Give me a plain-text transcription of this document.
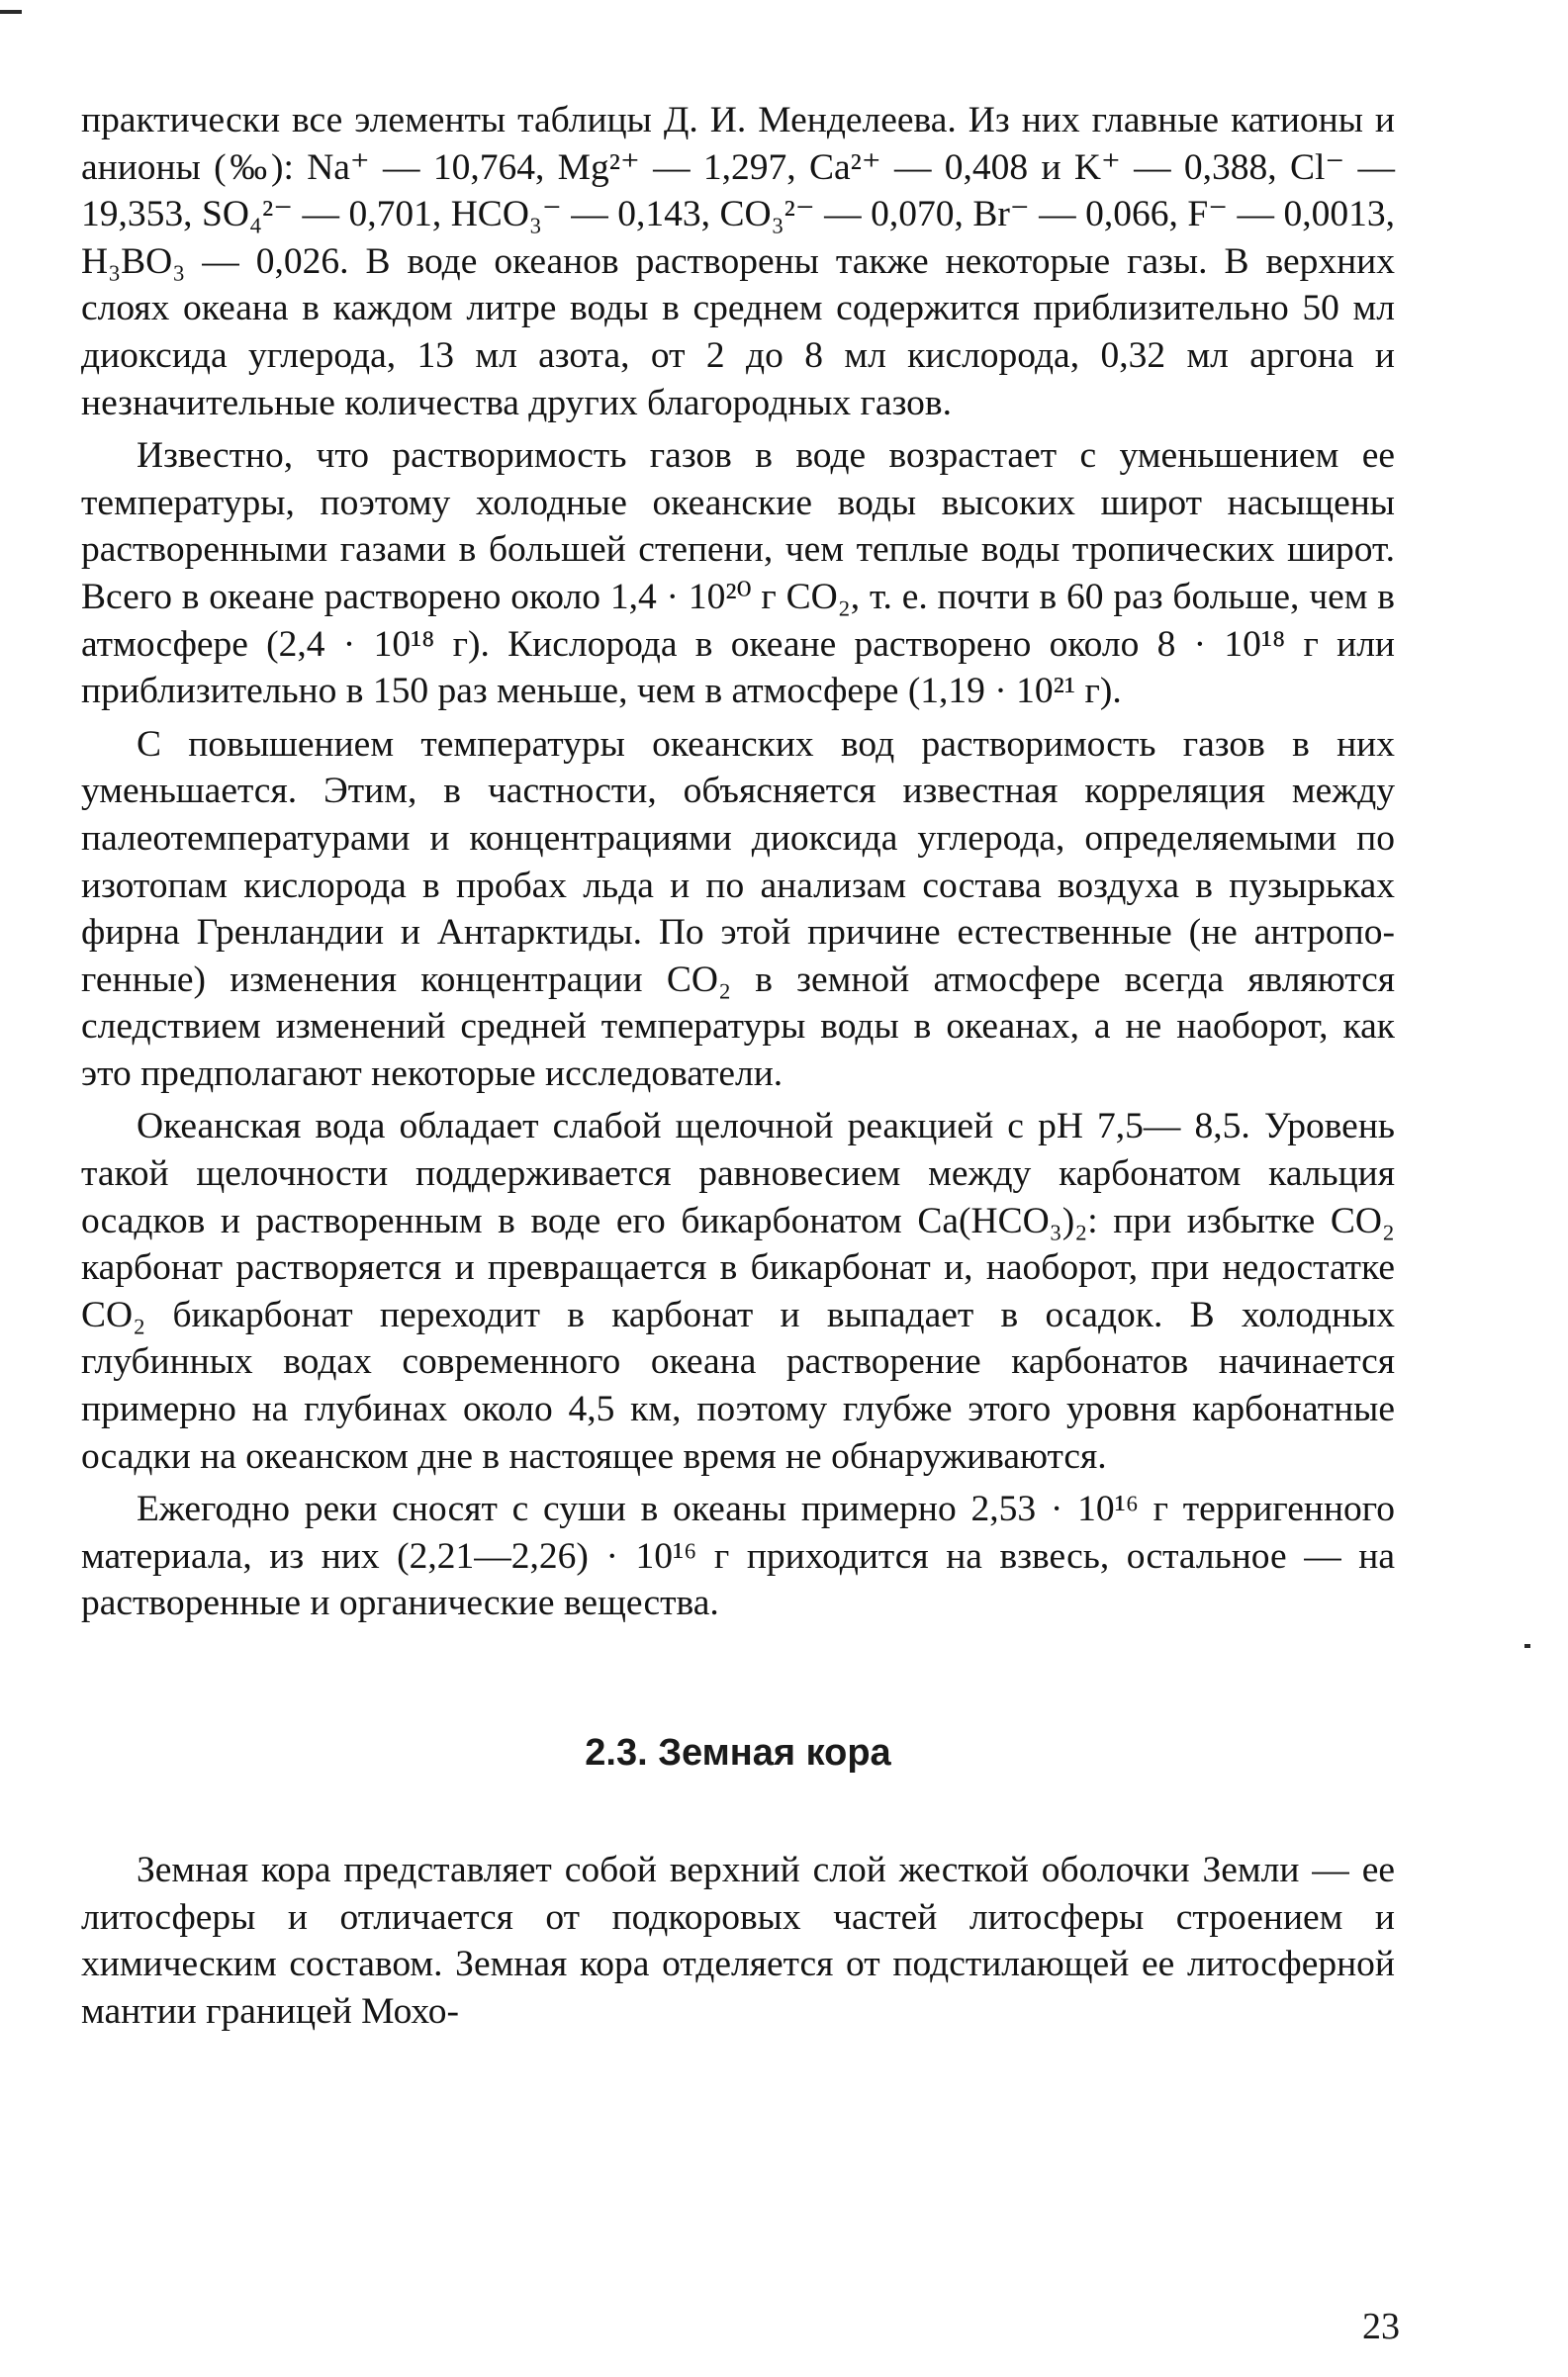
практически все элементы таблицы Д. И. Менделеева. Из них главные катионы и анионы (‰): Na⁺ — 10,764, Mg²⁺ — 1,297, Ca²⁺ — 0,408 и K⁺ — 0,388, Cl⁻ — 19,353, SO₄²⁻ — 0,701, HCO₃⁻ — 0,143, CO₃²⁻ — 0,070, Br⁻ — 0,066, F⁻ — 0,0013, H₃BO₃ — 0,026. В воде океанов растворены также некоторые газы. В верхних слоях океана в каждом литре воды в среднем содержится приблизительно 50 мл диоксида углерода, 13 мл азота, от 2 до 8 мл кислорода, 0,32 мл аргона и незначительные количества других благородных газов.

Известно, что растворимость газов в воде возрастает с уменьшением ее температуры, поэтому холодные океанские воды высоких широт насыщены растворенными газами в большей степени, чем теплые воды тропических широт. Всего в океане растворено около 1,4 · 10²⁰ г CO₂, т. е. почти в 60 раз больше, чем в атмосфере (2,4 · 10¹⁸ г). Кислорода в океане растворено около 8 · 10¹⁸ г или приблизительно в 150 раз меньше, чем в атмосфере (1,19 · 10²¹ г).

С повышением температуры океанских вод растворимость газов в них уменьшается. Этим, в частности, объясняется известная корреляция между палеотемпературами и концентрациями диоксида углерода, определяемыми по изотопам кислорода в пробах льда и по анализам состава воздуха в пузырьках фирна Гренландии и Антарктиды. По этой причине естественные (не антропогенные) изменения концентрации CO₂ в земной атмосфере всегда являются следствием изменений средней температуры воды в океанах, а не наоборот, как это предполагают некоторые исследователи.

Океанская вода обладает слабой щелочной реакцией с pH 7,5— 8,5. Уровень такой щелочности поддерживается равновесием между карбонатом кальция осадков и растворенным в воде его бикарбонатом Ca(HCO₃)₂: при избытке CO₂ карбонат растворяется и превращается в бикарбонат и, наоборот, при недостатке CO₂ бикарбонат переходит в карбонат и выпадает в осадок. В холодных глубинных водах современного океана растворение карбонатов начинается примерно на глубинах около 4,5 км, поэтому глубже этого уровня карбонатные осадки на океанском дне в настоящее время не обнаруживаются.

Ежегодно реки сносят с суши в океаны примерно 2,53 · 10¹⁶ г терригенного материала, из них (2,21—2,26) · 10¹⁶ г приходится на взвесь, остальное — на растворенные и органические вещества.

2.3. Земная кора

Земная кора представляет собой верхний слой жесткой оболочки Земли — ее литосферы и отличается от подкоровых частей литосферы строением и химическим составом. Земная кора отделяется от подстилающей ее литосферной мантии границей Мохо-

23
